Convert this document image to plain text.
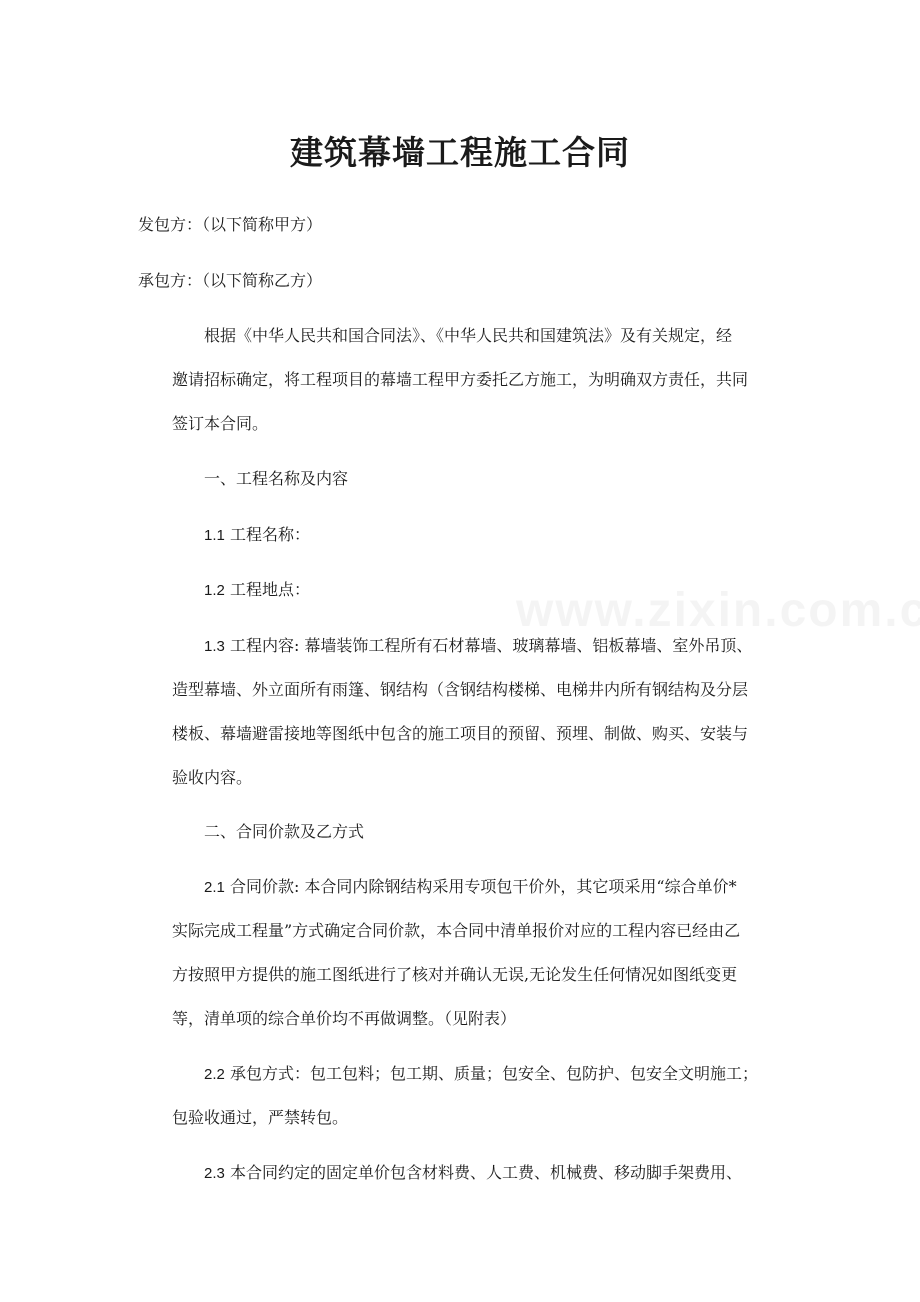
建筑幕墙工程施工合同
发包方：（以下简称甲方）
承包方：（以下简称乙方）
根据《中华人民共和国合同法》、《中华人民共和国建筑法》及有关规定，经
邀请招标确定，将工程项目的幕墙工程甲方委托乙方施工，为明确双方责任，共同
签订本合同。
一、工程名称及内容
1.1 工程名称：
1.2 工程地点：
1.3 工程内容: 幕墙装饰工程所有石材幕墙、玻璃幕墙、铝板幕墙、室外吊顶、
造型幕墙、外立面所有雨篷、钢结构（含钢结构楼梯、电梯井内所有钢结构及分层
楼板、幕墙避雷接地等图纸中包含的施工项目的预留、预埋、制做、购买、安装与
验收内容。
二、合同价款及乙方式
2.1 合同价款: 本合同内除钢结构采用专项包干价外，其它项采用“综合单价*
实际完成工程量”方式确定合同价款，本合同中清单报价对应的工程内容已经由乙
方按照甲方提供的施工图纸进行了核对并确认无误,无论发生任何情况如图纸变更
等，清单项的综合单价均不再做调整。（见附表）
2.2 承包方式：包工包料；包工期、质量；包安全、包防护、包安全文明施工；
包验收通过，严禁转包。
2.3 本合同约定的固定单价包含材料费、人工费、机械费、移动脚手架费用、
